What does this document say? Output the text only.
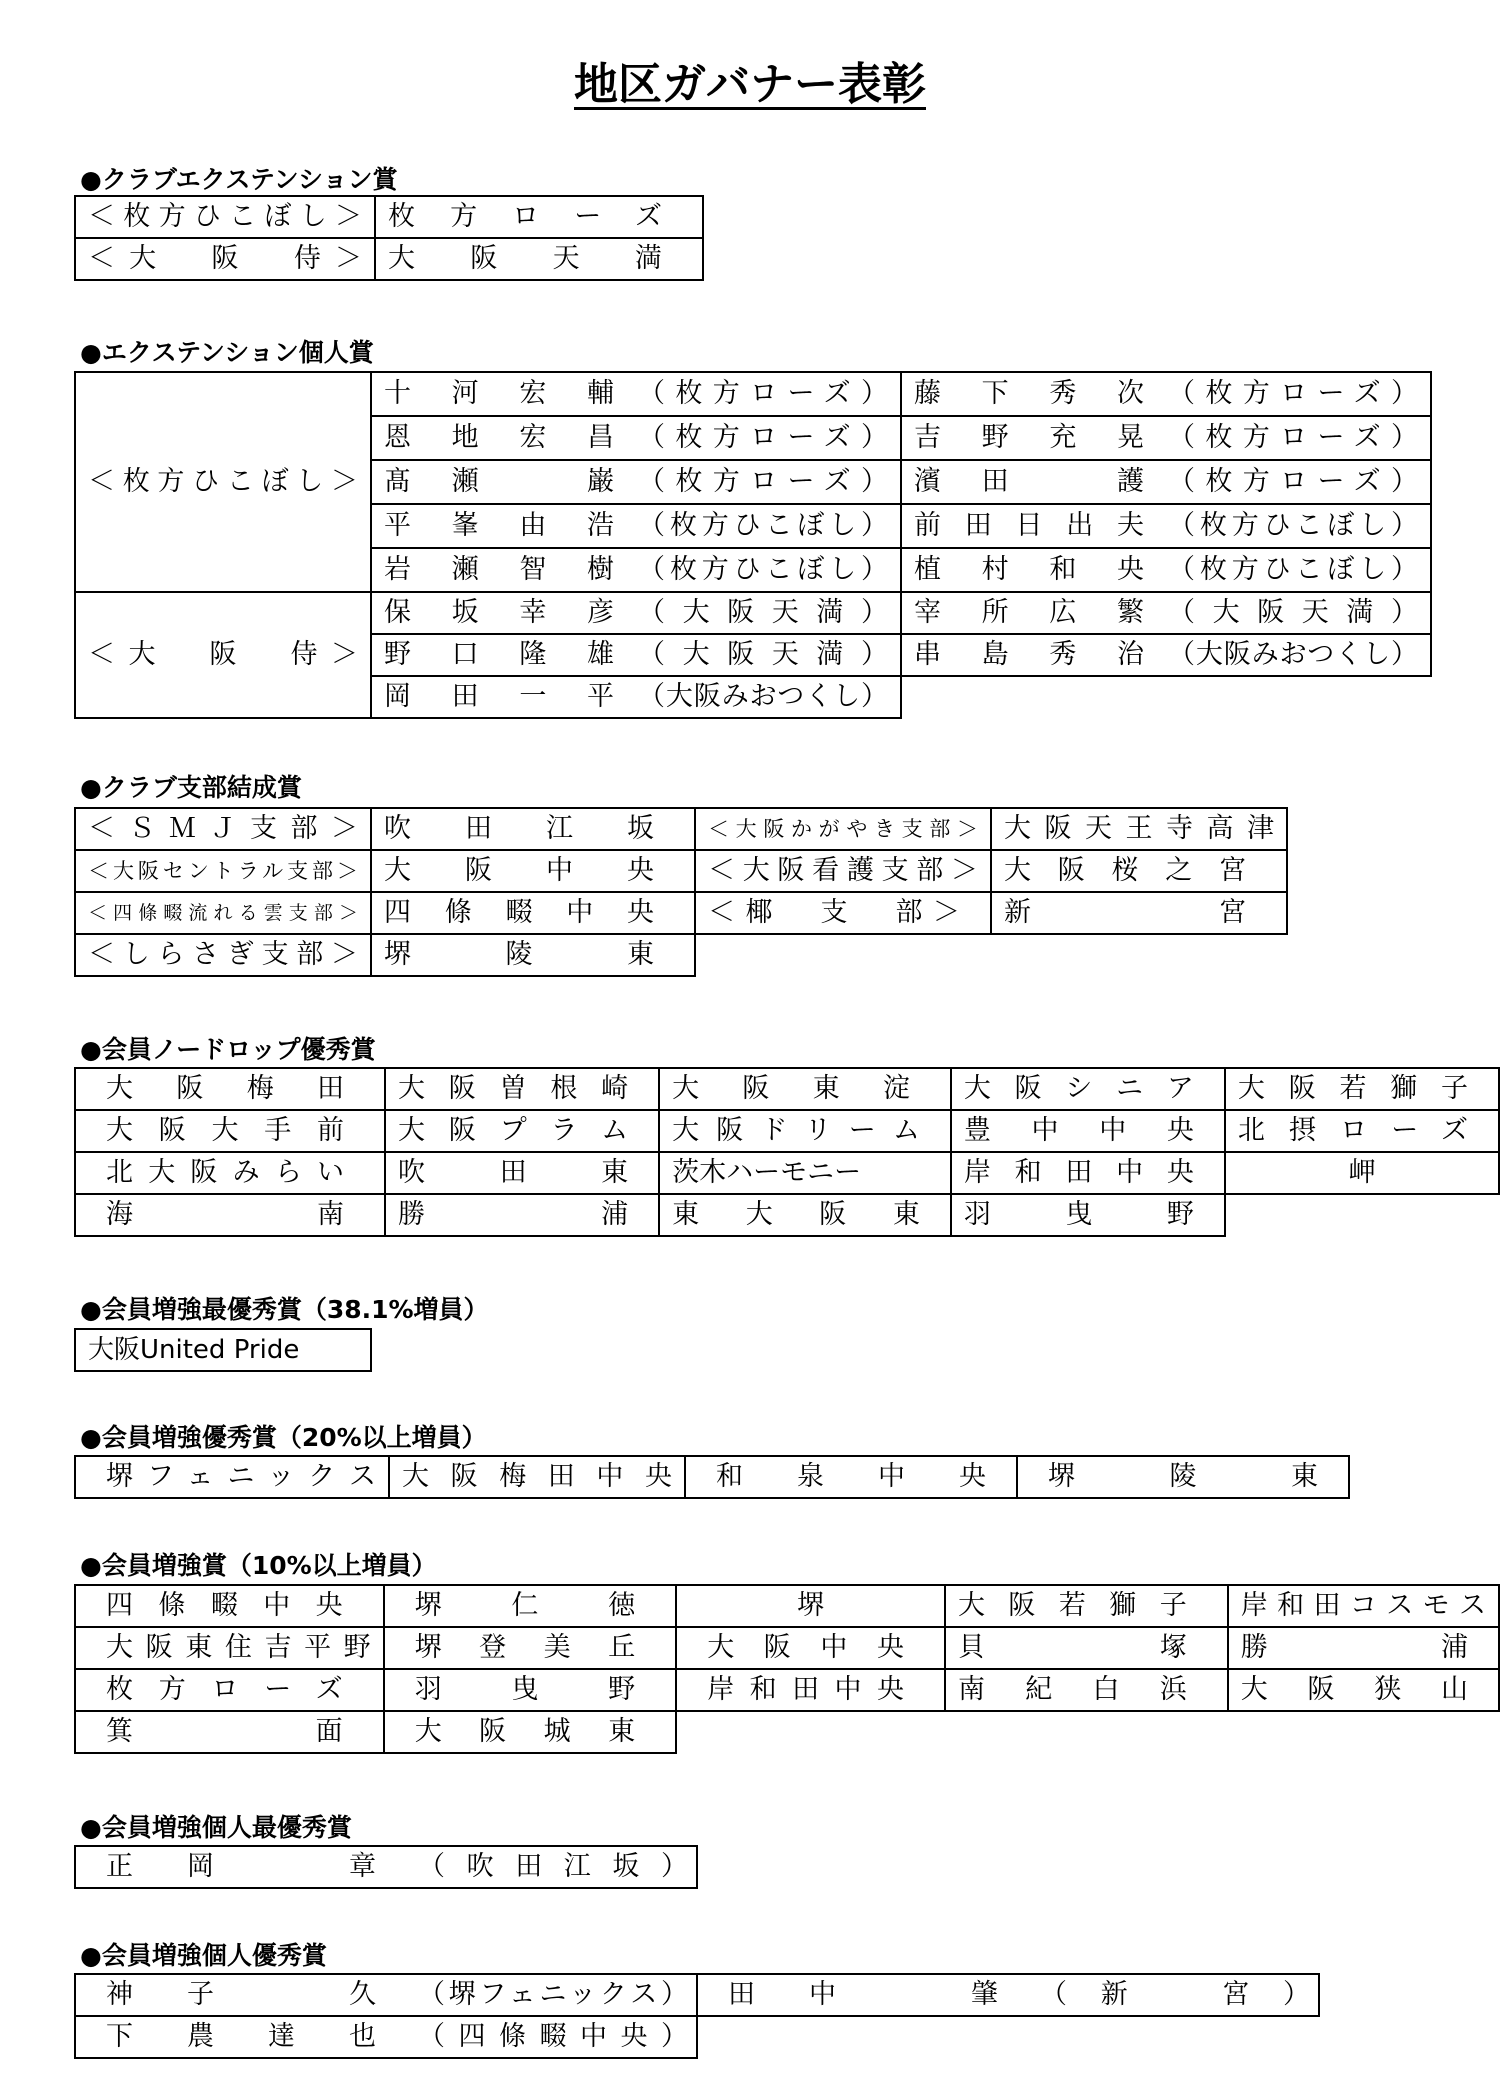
地区ガバナー表彰
●クラブエクステンション賞
＜枚方ひこぼし＞	枚方ローズ
＜大　阪　侍＞	大阪天満
●エクステンション個人賞
＜枚方ひこぼし＞	十河宏輔	（枚方ローズ）	藤下秀次	（枚方ローズ）
	恩地宏昌	（枚方ローズ）	吉野充晃	（枚方ローズ）
	髙瀬　巌	（枚方ローズ）	濱田　護	（枚方ローズ）
	平峯由浩	（枚方ひこぼし）	前田日出夫	（枚方ひこぼし）
	岩瀬智樹	（枚方ひこぼし）	植村和央	（枚方ひこぼし）
＜大　阪　侍＞	保坂幸彦	（大阪天満）	宰所広繁	（大阪天満）
	野口隆雄	（大阪天満）	串島秀治	（大阪みおつくし）
	岡田一平	（大阪みおつくし）		
●クラブ支部結成賞
＜ＳＭＪ支部＞	吹田江坂	＜大阪かがやき支部＞	大阪天王寺高津
＜大阪セントラル支部＞	大阪中央	＜大阪看護支部＞	大阪桜之宮
＜四條畷流れる雲支部＞	四條畷中央	＜椰　支　部＞	新　宮
＜しらさぎ支部＞	堺陵東		
●会員ノードロップ優秀賞
大阪梅田	大阪曽根崎	大阪東淀	大阪シニア	大阪若獅子
大阪大手前	大阪プラム	大阪ドリーム	豊中中央	北摂ローズ
北大阪みらい	吹田東	茨木ハーモニー	岸和田中央	岬
海　南	勝　浦	東大阪東	羽曳野	
●会員増強最優秀賞（38.1%増員）
大阪United Pride
●会員増強優秀賞（20%以上増員）
堺フェニックス	大阪梅田中央	和泉中央	堺陵東
●会員増強賞（10%以上増員）
四條畷中央	堺仁徳	堺	大阪若獅子	岸和田コスモス
大阪東住吉平野	堺登美丘	大阪中央	貝　塚	勝　浦
枚方ローズ	羽曳野	岸和田中央	南紀白浜	大阪狭山
箕　面	大阪城東			
●会員増強個人最優秀賞
正岡　章	（吹田江坂）
●会員増強個人優秀賞
神子　久	（堺フェニックス）	田中　肇	（新　宮）
下農達也	（四條畷中央）		
